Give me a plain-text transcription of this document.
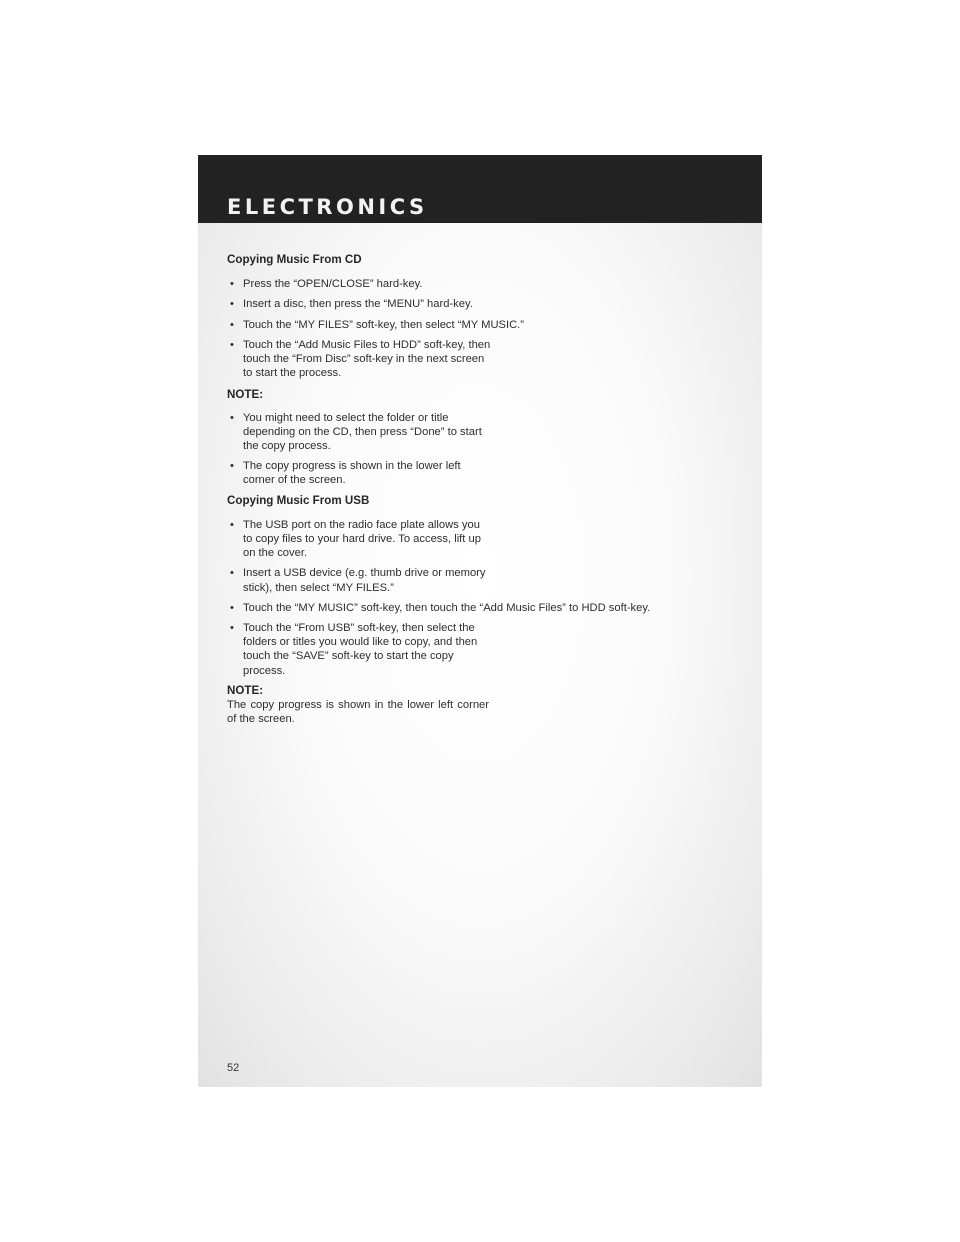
ELECTRONICS
Copying Music From CD
• Press the “OPEN/CLOSE” hard-key.
• Insert a disc, then press the “MENU” hard-key.
• Touch the “MY FILES” soft-key, then select “MY MUSIC.”
• Touch the “Add Music Files to HDD” soft-key, then touch the “From Disc” soft-key in the next screen to start the process.
NOTE:
• You might need to select the folder or title depending on the CD, then press “Done” to start the copy process.
• The copy progress is shown in the lower left corner of the screen.
Copying Music From USB
• The USB port on the radio face plate allows you to copy files to your hard drive. To access, lift up on the cover.
• Insert a USB device (e.g. thumb drive or memory stick), then select “MY FILES.”
• Touch the “MY MUSIC” soft-key, then touch the “Add Music Files” to HDD soft-key.
• Touch the “From USB” soft-key, then select the folders or titles you would like to copy, and then touch the “SAVE” soft-key to start the copy process.
NOTE:

The copy progress is shown in the lower left corner of the screen.

52
